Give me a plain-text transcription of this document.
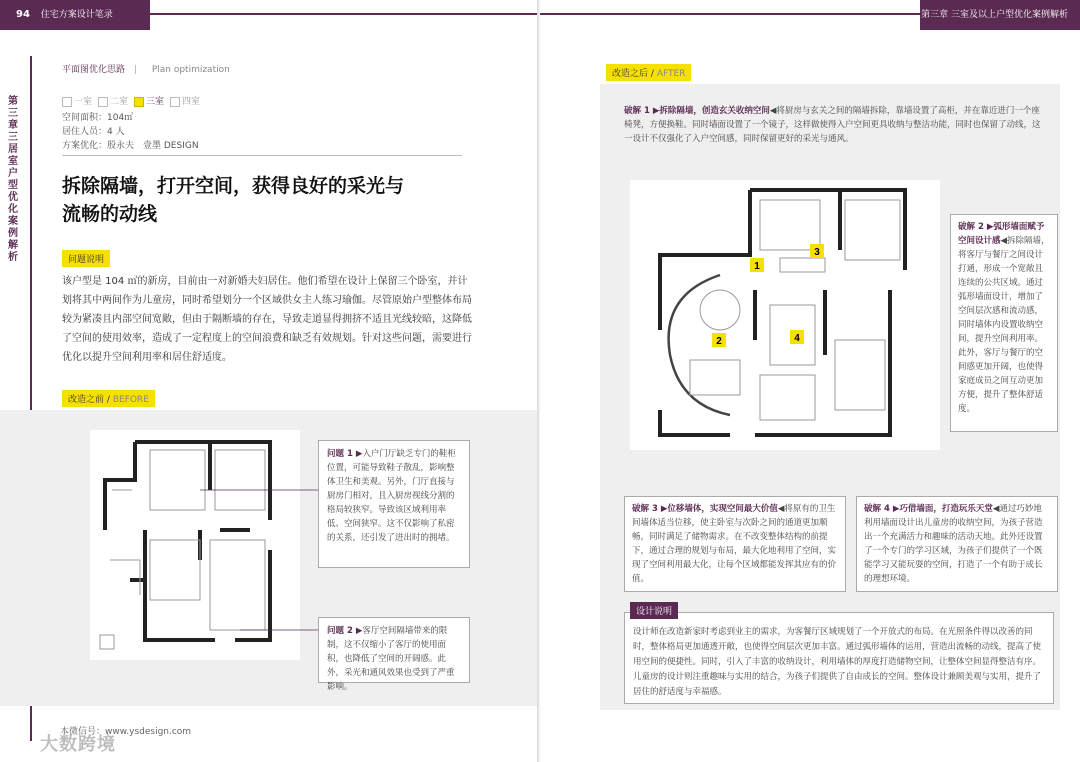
94 住宅方案设计笔录
第三章 三居室户型优化案例解析
平面图优化思路 | Plan optimization
一室	二室	三室	四室
空间面积：104㎡
居住人员：4 人
方案优化：殷永夫　壹墨 DESIGN
拆除隔墙，打开空间，获得良好的采光与流畅的动线
问题说明
该户型是 104 ㎡的新房，目前由一对新婚夫妇居住。他们希望在设计上保留三个卧室，并计划将其中两间作为儿童房，同时希望划分一个区域供女主人练习瑜伽。尽管原始户型整体布局较为紧凑且内部空间宽敞，但由于隔断墙的存在，导致走道显得拥挤不适且光线较暗，这降低了空间的使用效率，造成了一定程度上的空间浪费和缺乏有效规划。针对这些问题，需要进行优化以提升空间利用率和居住舒适度。
改造之前 / BEFORE
问题 1 ▶入户门厅缺乏专门的鞋柜位置，可能导致鞋子散乱，影响整体卫生和美观。另外，门厅直接与厨房门相对，且入厨房视线分割的格局较狭窄。导致该区域利用率低、空间狭窄。这不仅影响了私密的关系，还引发了进出时的拥堵。
问题 2 ▶客厅空间隔墙带来的限制，这不仅缩小了客厅的使用面积，也降低了空间的开阔感。此外，采光和通风效果也受到了严重影响。
本微信号：www.ysdesign.com
大数跨境
第三章 三室及以上户型优化案例解析 95
改造之后 / AFTER
破解 1 ▶拆除隔墙，创造玄关收纳空间◀将厨房与玄关之间的隔墙拆除，靠墙设置了高柜，并在靠近进门一个座椅凳，方便换鞋。同时墙面设置了一个镜子，这样做使得入户空间更具收纳与整洁功能，同时也保留了动线，这一设计不仅强化了入户空间感，同时保留更好的采光与通风。
1
2
3
4
破解 2 ▶弧形墙面赋予空间设计感◀拆除隔墙，将客厅与餐厅之间设计打通，形成一个宽敞且连续的公共区域。通过弧形墙面设计，增加了空间层次感和流动感，同时墙体内设置收纳空间，提升空间利用率。此外，客厅与餐厅的空间感更加开阔，也使得家庭成员之间互动更加方便，提升了整体舒适度。
破解 3 ▶位移墙体，实现空间最大价值◀将原有的卫生间墙体适当位移，使主卧室与次卧之间的通道更加顺畅，同时满足了储物需求。在不改变整体结构的前提下，通过合理的规划与布局，最大化地利用了空间，实现了空间利用最大化，让每个区域都能发挥其应有的价值。
破解 4 ▶巧借墙面，打造玩乐天堂◀通过巧妙地利用墙面设计出儿童房的收纳空间，为孩子营造出一个充满活力和趣味的活动天地。此外还设置了一个专门的学习区域，为孩子们提供了一个既能学习又能玩耍的空间，打造了一个有助于成长的理想环境。
设计师在改造新家时考虑到业主的需求，为客餐厅区域规划了一个开放式的布局。在光照条件得以改善的同时，整体格局更加通透开敞，也使得空间层次更加丰富。通过弧形墙体的运用，营造出流畅的动线，提高了使用空间的便捷性。同时，引入了丰富的收纳设计，利用墙体的厚度打造储物空间，让整体空间显得整洁有序。儿童房的设计则注重趣味与实用的结合，为孩子们提供了自由成长的空间。整体设计兼顾美观与实用，提升了居住的舒适度与幸福感。
设计说明
